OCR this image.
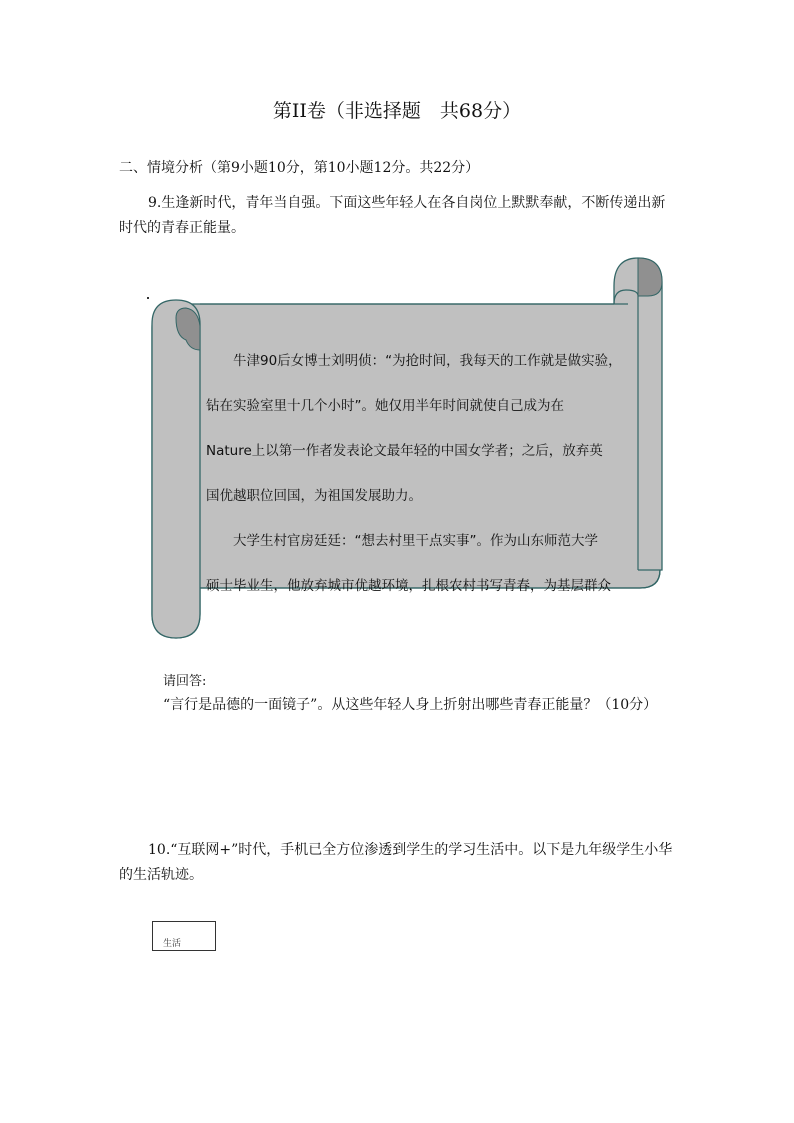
第II卷（非选择题　共68分）
二、情境分析（第9小题10分，第10小题12分。共22分）

9.生逢新时代，青年当自强。下面这些年轻人在各自岗位上默默奉献，不断传递出新时代的青春正能量。

牛津90后女博士刘明侦：“为抢时间，我每天的工作就是做实验，

钻在实验室里十几个小时”。她仅用半年时间就使自己成为在

Nature上以第一作者发表论文最年轻的中国女学者；之后，放弃英

国优越职位回国，为祖国发展助力。

大学生村官房廷廷：“想去村里干点实事”。作为山东师范大学

硕士毕业生，他放弃城市优越环境，扎根农村书写青春，为基层群众

请回答:
“言行是品德的一面镜子”。从这些年轻人身上折射出哪些青春正能量？（10分）

10.“互联网+”时代，手机已全方位渗透到学生的学习生活中。以下是九年级学生小华的生活轨迹。

生活
